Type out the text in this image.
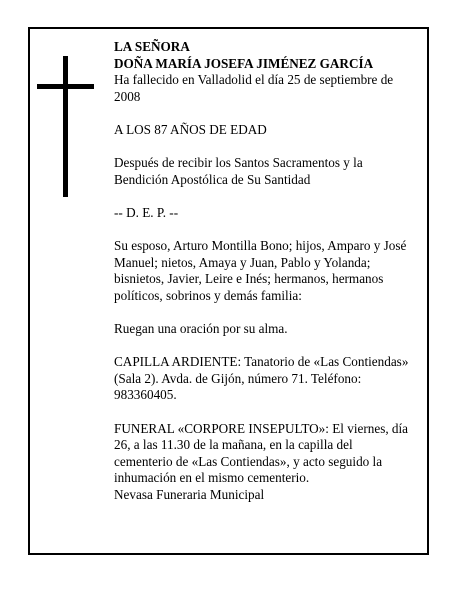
LA SEÑORA

DOÑA MARÍA JOSEFA JIMÉNEZ GARCÍA

Ha fallecido en Valladolid el día 25 de septiembre de 2008

A LOS 87 AÑOS DE EDAD

Después de recibir los Santos Sacramentos y la Bendición Apostólica de Su Santidad

-- D. E. P. --

Su esposo, Arturo Montilla Bono; hijos, Amparo y José Manuel; nietos, Amaya y Juan, Pablo y Yolanda; bisnietos, Javier, Leire e Inés; hermanos, hermanos políticos, sobrinos y demás familia:

Ruegan una oración por su alma.

CAPILLA ARDIENTE: Tanatorio de «Las Contiendas» (Sala 2). Avda. de Gijón, número 71. Teléfono: 983360405.

FUNERAL «CORPORE INSEPULTO»: El viernes, día 26, a las 11.30 de la mañana, en la capilla del cementerio de «Las Contiendas», y acto seguido la inhumación en el mismo cementerio.

Nevasa Funeraria Municipal
